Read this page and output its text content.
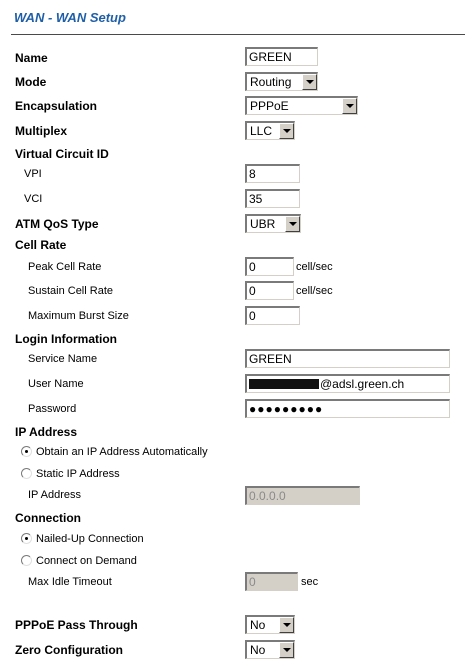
WAN - WAN Setup
Name	GREEN
Mode	Routing
Encapsulation	PPPoE
Multiplex	LLC
Virtual Circuit ID
VPI	8
VCI	35
ATM QoS Type	UBR
Cell Rate
Peak Cell Rate	0	cell/sec
Sustain Cell Rate	0	cell/sec
Maximum Burst Size	0
Login Information
Service Name	GREEN
User Name	@adsl.green.ch
Password	●●●●●●●●●
IP Address
Obtain an IP Address Automatically
Static IP Address
IP Address	0.0.0.0
Connection
Nailed-Up Connection
Connect on Demand
Max Idle Timeout	0	sec
PPPoE Pass Through	No
Zero Configuration	No
